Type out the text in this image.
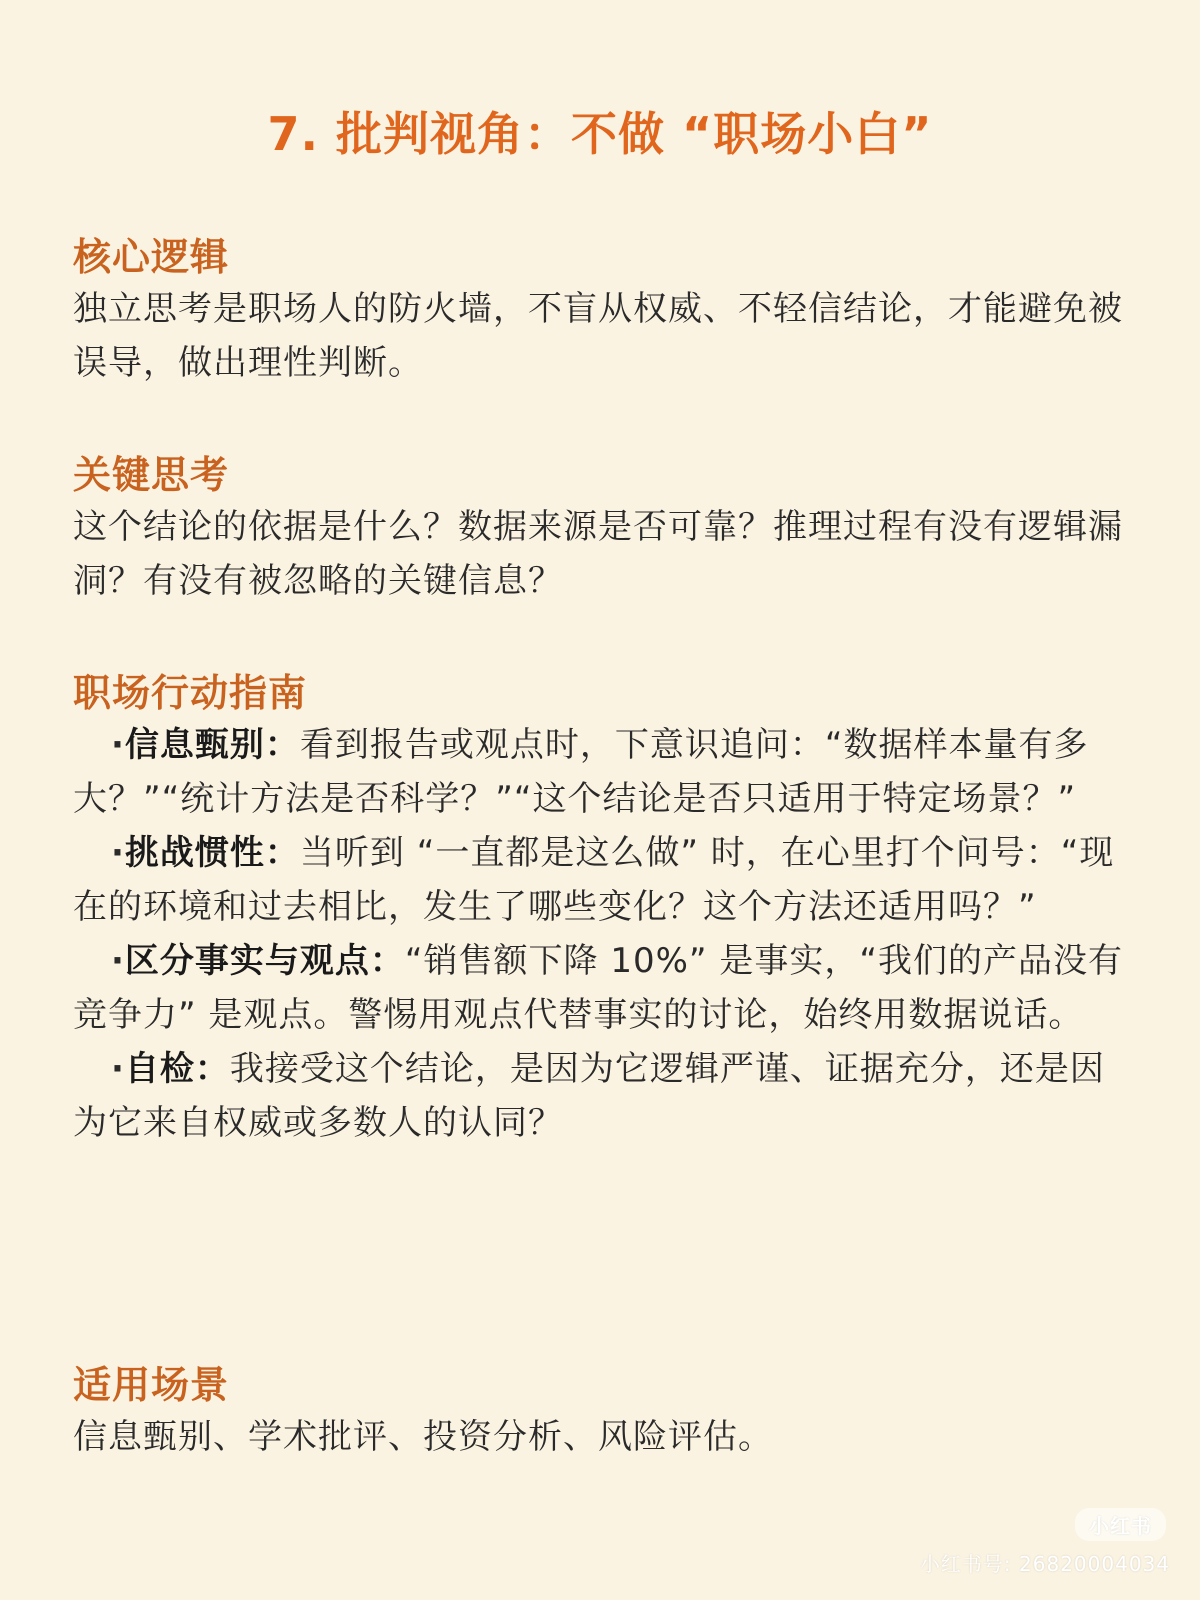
7. 批判视角：不做 “职场小白”
核心逻辑

独立思考是职场人的防火墙，不盲从权威、不轻信结论，才能避免被误导，做出理性判断。

关键思考

这个结论的依据是什么？数据来源是否可靠？推理过程有没有逻辑漏洞？有没有被忽略的关键信息？

职场行动指南

·信息甄别：看到报告或观点时，下意识追问：“数据样本量有多大？”“统计方法是否科学？”“这个结论是否只适用于特定场景？”

·挑战惯性：当听到 “一直都是这么做” 时，在心里打个问号：“现在的环境和过去相比，发生了哪些变化？这个方法还适用吗？”

·区分事实与观点：“销售额下降 10%” 是事实，“我们的产品没有竞争力” 是观点。警惕用观点代替事实的讨论，始终用数据说话。

·自检：我接受这个结论，是因为它逻辑严谨、证据充分，还是因为它来自权威或多数人的认同？

适用场景

信息甄别、学术批评、投资分析、风险评估。

小红书
小红书号: 26820004034
